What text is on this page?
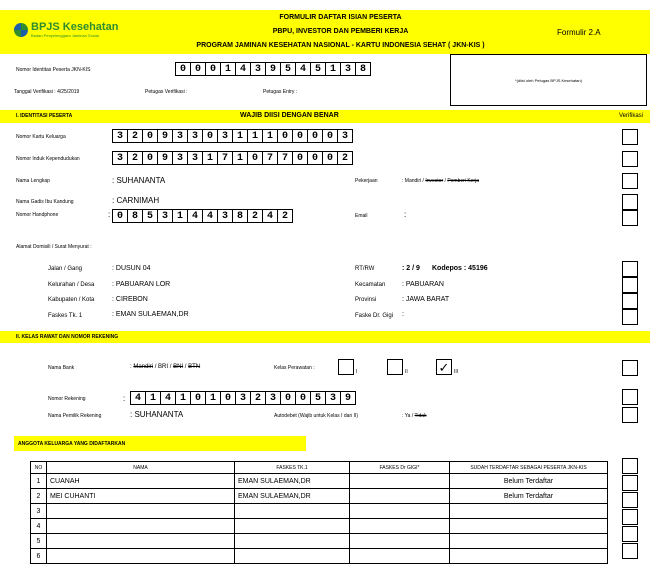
BPJS Kesehatan
Badan Penyelenggara Jaminan Sosial
FORMULIR DAFTAR ISIAN PESERTA
PBPU, INVESTOR DAN PEMBERI KERJA
PROGRAM JAMINAN KESEHATAN NASIONAL - KARTU INDONESIA SEHAT ( JKN-KIS )
Formulir 2.A
Nomor Identitas Peserta JKN-KIS	0 0 0 1 4 3 9 5 4 5 1 3 8
*(diisi oleh Petugas BPJS Kesehatan)
Tanggal Verifikasi : 4/25/2019	Petugas Verifikasi :	Petugas Entry :
I. IDENTITASI PESERTA	WAJIB DIISI DENGAN BENAR	Verifikasi
Nomor Kartu Keluarga	3 2 0 9 3 3 0 3 1 1 1 0 0 0 0 3
Nomor Induk Kependudukan	3 2 0 9 3 3 1 7 1 0 7 7 0 0 0 2
Nama Lengkap	: SUHANANTA	Pekerjaan	: Mandiri / Investor / Pemberi Kerja
Nama Gadis Ibu Kandung	: CARNIMAH
Nomor Handphone	: 0 8 5 3 1 4 4 3 8 2 4 2	Email	:
Alamat Domisili / Surat Menyurat :
Jalan / Gang	: DUSUN 04	RT/RW	: 2 / 9 Kodepos : 45196
Kelurahan / Desa	: PABUARAN LOR	Kecamatan : PABUARAN
Kabupaten / Kota	: CIREBON	Provinsi	: JAWA BARAT
Faskes Tk. 1	: EMAN SULAEMAN,DR	Faske Dr. Gigi :
II. KELAS RAWAT DAN NOMOR REKENING
Nama Bank	: Mandiri / BRI / BNI / BTN	Kelas Perawatan :
I	II ✓ III
Nomor Rekening	: 4 1 4 1 0 1 0 3 2 3 0 0 5 3 9
Nama Pemilik Rekening	: SUHANANTA	Autodebet (Wajib untuk Kelas I dan II)	: Ya / Tidak
ANGGOTA KELUARGA YANG DIDAFTARKAN
NO	NAMA	FASKES TK.1	FASKES Dr GIGI*	SUDAH TERDAFTAR SEBAGAI PESERTA JKN-KIS
1	CUANAH	EMAN SULAEMAN,DR		Belum Terdaftar
2	MEI CUHANTI	EMAN SULAEMAN,DR		Belum Terdaftar
3				
4				
5				
6				
